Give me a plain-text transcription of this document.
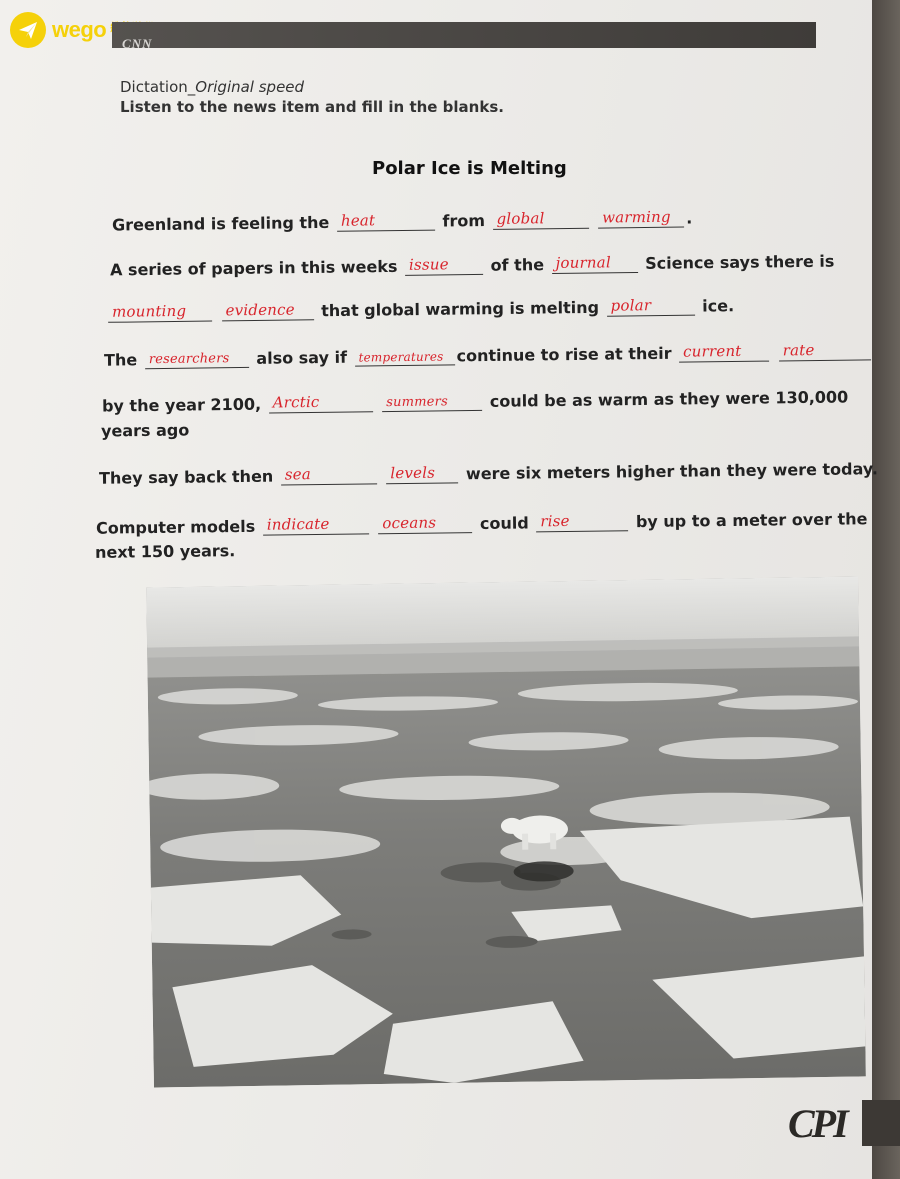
wego
CNN
Dictation_Original speed
Listen to the news item and fill in the blanks.
Polar Ice is Melting
Greenland is feeling the heat	from global
	warming .
A series of papers in this weeks issue	of the journal Science says there is
mounting
	evidence that global warming is melting polar	ice.
The researchers also say if temperatures continue to rise at their current
	rate
by the year 2100, Arctic
	summers	could be as warm as they were 130,000
years ago
They say back then sea
	levels were six meters higher than they were today.
Computer models indicate
	oceans	could rise	by up to a meter over the
next 150 years.
CPI
